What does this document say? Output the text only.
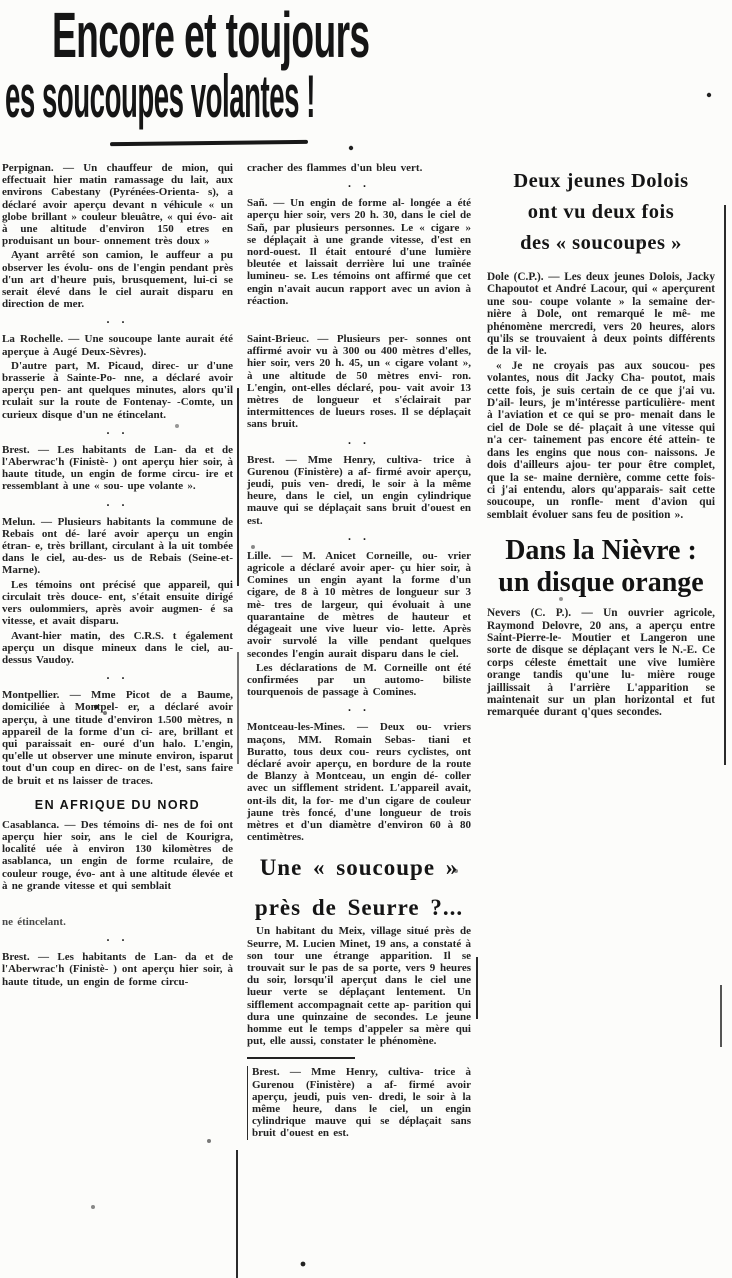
Encore et toujours
es soucoupes volantes !

Perpignan. — Un chauffeur de mion, qui effectuait hier matin ramassage du lait, aux environs Cabestany (Pyrénées-Orienta- s), a déclaré avoir aperçu devant n véhicule « un globe brillant » couleur bleuâtre, « qui évo- ait à une altitude d'environ 150 etres en produisant un bour- onnement très doux »

Ayant arrêté son camion, le auffeur a pu observer les évolu- ons de l'engin pendant près d'un art d'heure puis, brusquement, lui-ci se serait élevé dans le ciel aurait disparu en direction de mer.

· ·

La Rochelle. — Une soucoupe lante aurait été aperçue à Augé Deux-Sèvres).

D'autre part, M. Picaud, direc- ur d'une brasserie à Sainte-Po- nne, a déclaré avoir aperçu pen- ant quelques minutes, alors qu'il rculait sur la route de Fontenay- -Comte, un curieux disque d'un ne étincelant.

· ·

Brest. — Les habitants de Lan- da et de l'Aberwrac'h (Finistè- ) ont aperçu hier soir, à haute titude, un engin de forme circu- ire et ressemblant à une « sou- upe volante ».

· ·

Melun. — Plusieurs habitants la commune de Rebais ont dé- laré avoir aperçu un engin étran- e, très brillant, circulant à la uit tombée dans le ciel, au-des- us de Rebais (Seine-et-Marne).

Les témoins ont précisé que appareil, qui circulait très douce- ent, s'était ensuite dirigé vers oulommiers, après avoir augmen- é sa vitesse, et avait disparu.

Avant-hier matin, des C.R.S. t également aperçu un disque mineux dans le ciel, au-dessus Vaudoy.

· ·

Montpellier. — Mme Picot de a Baume, domiciliée à Montpel- er, a déclaré avoir aperçu, à une titude d'environ 1.500 mètres, n appareil de la forme d'un ci- are, brillant et qui paraissait en- ouré d'un halo. L'engin, qu'elle ut observer une minute environ, isparut tout d'un coup en direc- on de l'est, sans faire de bruit et ns laisser de traces.

EN AFRIQUE DU NORD

Casablanca. — Des témoins di- nes de foi ont aperçu hier soir, ans le ciel de Kourigra, localité uée à environ 130 kilomètres de asablanca, un engin de forme rculaire, de couleur rouge, évo- ant à une altitude élevée et à ne grande vitesse et qui semblait

ne étincelant.

· ·

Brest. — Les habitants de Lan- da et de l'Aberwrac'h (Finistè- ) ont aperçu hier soir, à haute titude, un engin de forme circu-

cracher des flammes d'un bleu vert.

· ·

Sañ. — Un engin de forme al- longée a été aperçu hier soir, vers 20 h. 30, dans le ciel de Sañ, par plusieurs personnes. Le « cigare » se déplaçait à une grande vitesse, d'est en nord-ouest. Il était entouré d'une lumière bleutée et laissait derrière lui une traînée lumineu- se. Les témoins ont affirmé que cet engin n'avait aucun rapport avec un avion à réaction.

Saint-Brieuc. — Plusieurs per- sonnes ont affirmé avoir vu à 300 ou 400 mètres d'elles, hier soir, vers 20 h. 45, un « cigare volant », à une altitude de 50 mètres envi- ron. L'engin, ont-elles déclaré, pou- vait avoir 13 mètres de longueur et s'éclairait par intermittences de lueurs roses. Il se déplaçait sans bruit.

· ·

Brest. — Mme Henry, cultiva- trice à Gurenou (Finistère) a af- firmé avoir aperçu, jeudi, puis ven- dredi, le soir à la même heure, dans le ciel, un engin cylindrique mauve qui se déplaçait sans bruit d'ouest en est.

· ·

Lille. — M. Anicet Corneille, ou- vrier agricole a déclaré avoir aper- çu hier soir, à Comines un engin ayant la forme d'un cigare, de 8 à 10 mètres de longueur sur 3 mè- tres de largeur, qui évoluait à une quarantaine de mètres de hauteur et dégageait une vive lueur vio- lette. Après avoir survolé la ville pendant quelques secondes l'engin aurait disparu dans le ciel.

Les déclarations de M. Corneille ont été confirmées par un automo- biliste tourquenois de passage à Comines.

· ·

Montceau-les-Mines. — Deux ou- vriers maçons, MM. Romain Sebas- tiani et Buratto, tous deux cou- reurs cyclistes, ont déclaré avoir aperçu, en bordure de la route de Blanzy à Montceau, un engin dé- coller avec un sifflement strident. L'appareil avait, ont-ils dit, la for- me d'un cigare de couleur jaune très foncé, d'une longueur de trois mètres et d'un diamètre d'environ 60 à 80 centimètres.

Une « soucoupe »
près de Seurre ?...

Un habitant du Meix, village situé près de Seurre, M. Lucien Minet, 19 ans, a constaté à son tour une étrange apparition. Il se trouvait sur le pas de sa porte, vers 9 heures du soir, lorsqu'il aperçut dans le ciel une lueur verte se déplaçant lentement. Un sifflement accompagnait cette ap- parition qui dura une quinzaine de secondes. Le jeune homme eut le temps d'appeler sa mère qui put, elle aussi, constater le phénomène.

Brest. — Mme Henry, cultiva- trice à Gurenou (Finistère) a af- firmé avoir aperçu, jeudi, puis ven- dredi, le soir à la même heure, dans le ciel, un engin cylindrique mauve qui se déplaçait sans bruit d'ouest en est.

Deux jeunes Dolois
ont vu deux fois
des « soucoupes »

Dole (C.P.). — Les deux jeunes Dolois, Jacky Chapoutot et André Lacour, qui « aperçurent une sou- coupe volante » la semaine der- nière à Dole, ont remarqué le mê- me phénomène mercredi, vers 20 heures, alors qu'ils se trouvaient à deux points différents de la vil- le.

« Je ne croyais pas aux soucou- pes volantes, nous dit Jacky Cha- poutot, mais cette fois, je suis certain de ce que j'ai vu. D'ail- leurs, je m'intéresse particulière- ment à l'aviation et ce qui se pro- menait dans le ciel de Dole se dé- plaçait à une vitesse qui n'a cer- tainement pas encore été attein- te dans les engins que nous con- naissons. Je dois d'ailleurs ajou- ter pour être complet, que la se- maine dernière, comme cette fois- ci j'ai entendu, alors qu'apparais- sait cette soucoupe, un ronfle- ment d'avion qui semblait évoluer sans feu de position ».

Dans la Nièvre :
un disque orange

Nevers (C. P.). — Un ouvrier agricole, Raymond Delovre, 20 ans, a aperçu entre Saint-Pierre-le- Moutier et Langeron une sorte de disque se déplaçant vers le N.-E. Ce corps céleste émettait une vive lumière orange tandis qu'une lu- mière rouge jaillissait à l'arrière L'apparition se maintenait sur un plan horizontal et fut remarquée durant q'ques secondes.
